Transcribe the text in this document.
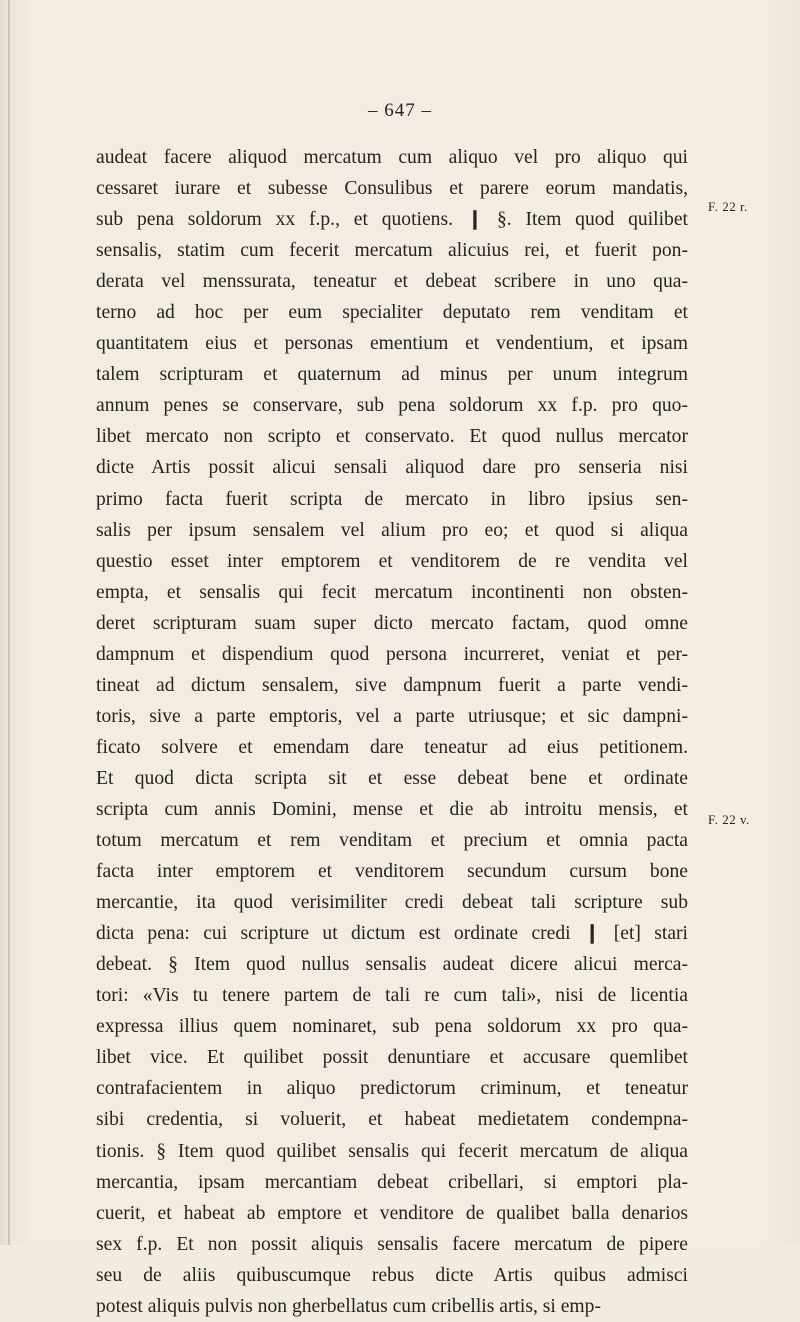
– 647 –
F. 22 r.
F. 22 v.
audeat facere aliquod mercatum cum aliquo vel pro aliquo qui
cessaret iurare et subesse Consulibus et parere eorum mandatis,
sub pena soldorum xx f.p., et quotiens. ❙ §. Item quod quilibet
sensalis, statim cum fecerit mercatum alicuius rei, et fuerit pon-
derata vel menssurata, teneatur et debeat scribere in uno qua-
terno ad hoc per eum specialiter deputato rem venditam et
quantitatem eius et personas ementium et vendentium, et ipsam
talem scripturam et quaternum ad minus per unum integrum
annum penes se conservare, sub pena soldorum xx f.p. pro quo-
libet mercato non scripto et conservato. Et quod nullus mercator
dicte Artis possit alicui sensali aliquod dare pro senseria nisi
primo facta fuerit scripta de mercato in libro ipsius sen-
salis per ipsum sensalem vel alium pro eo; et quod si aliqua
questio esset inter emptorem et venditorem de re vendita vel
empta, et sensalis qui fecit mercatum incontinenti non obsten-
deret scripturam suam super dicto mercato factam, quod omne
dampnum et dispendium quod persona incurreret, veniat et per-
tineat ad dictum sensalem, sive dampnum fuerit a parte vendi-
toris, sive a parte emptoris, vel a parte utriusque; et sic dampni-
ficato solvere et emendam dare teneatur ad eius petitionem.
Et quod dicta scripta sit et esse debeat bene et ordinate
scripta cum annis Domini, mense et die ab introitu mensis, et
totum mercatum et rem venditam et precium et omnia pacta
facta inter emptorem et venditorem secundum cursum bone
mercantie, ita quod verisimiliter credi debeat tali scripture sub
dicta pena: cui scripture ut dictum est ordinate credi ❙ [et] stari
debeat. § Item quod nullus sensalis audeat dicere alicui merca-
tori: «Vis tu tenere partem de tali re cum tali», nisi de licentia
expressa illius quem nominaret, sub pena soldorum xx pro qua-
libet vice. Et quilibet possit denuntiare et accusare quemlibet
contrafacientem in aliquo predictorum criminum, et teneatur
sibi credentia, si voluerit, et habeat medietatem condempna-
tionis. § Item quod quilibet sensalis qui fecerit mercatum de aliqua
mercantia, ipsam mercantiam debeat cribellari, si emptori pla-
cuerit, et habeat ab emptore et venditore de qualibet balla denarios
sex f.p. Et non possit aliquis sensalis facere mercatum de pipere
seu de aliis quibuscumque rebus dicte Artis quibus admisci
potest aliquis pulvis non gherbellatus cum cribellis artis, si emp-
